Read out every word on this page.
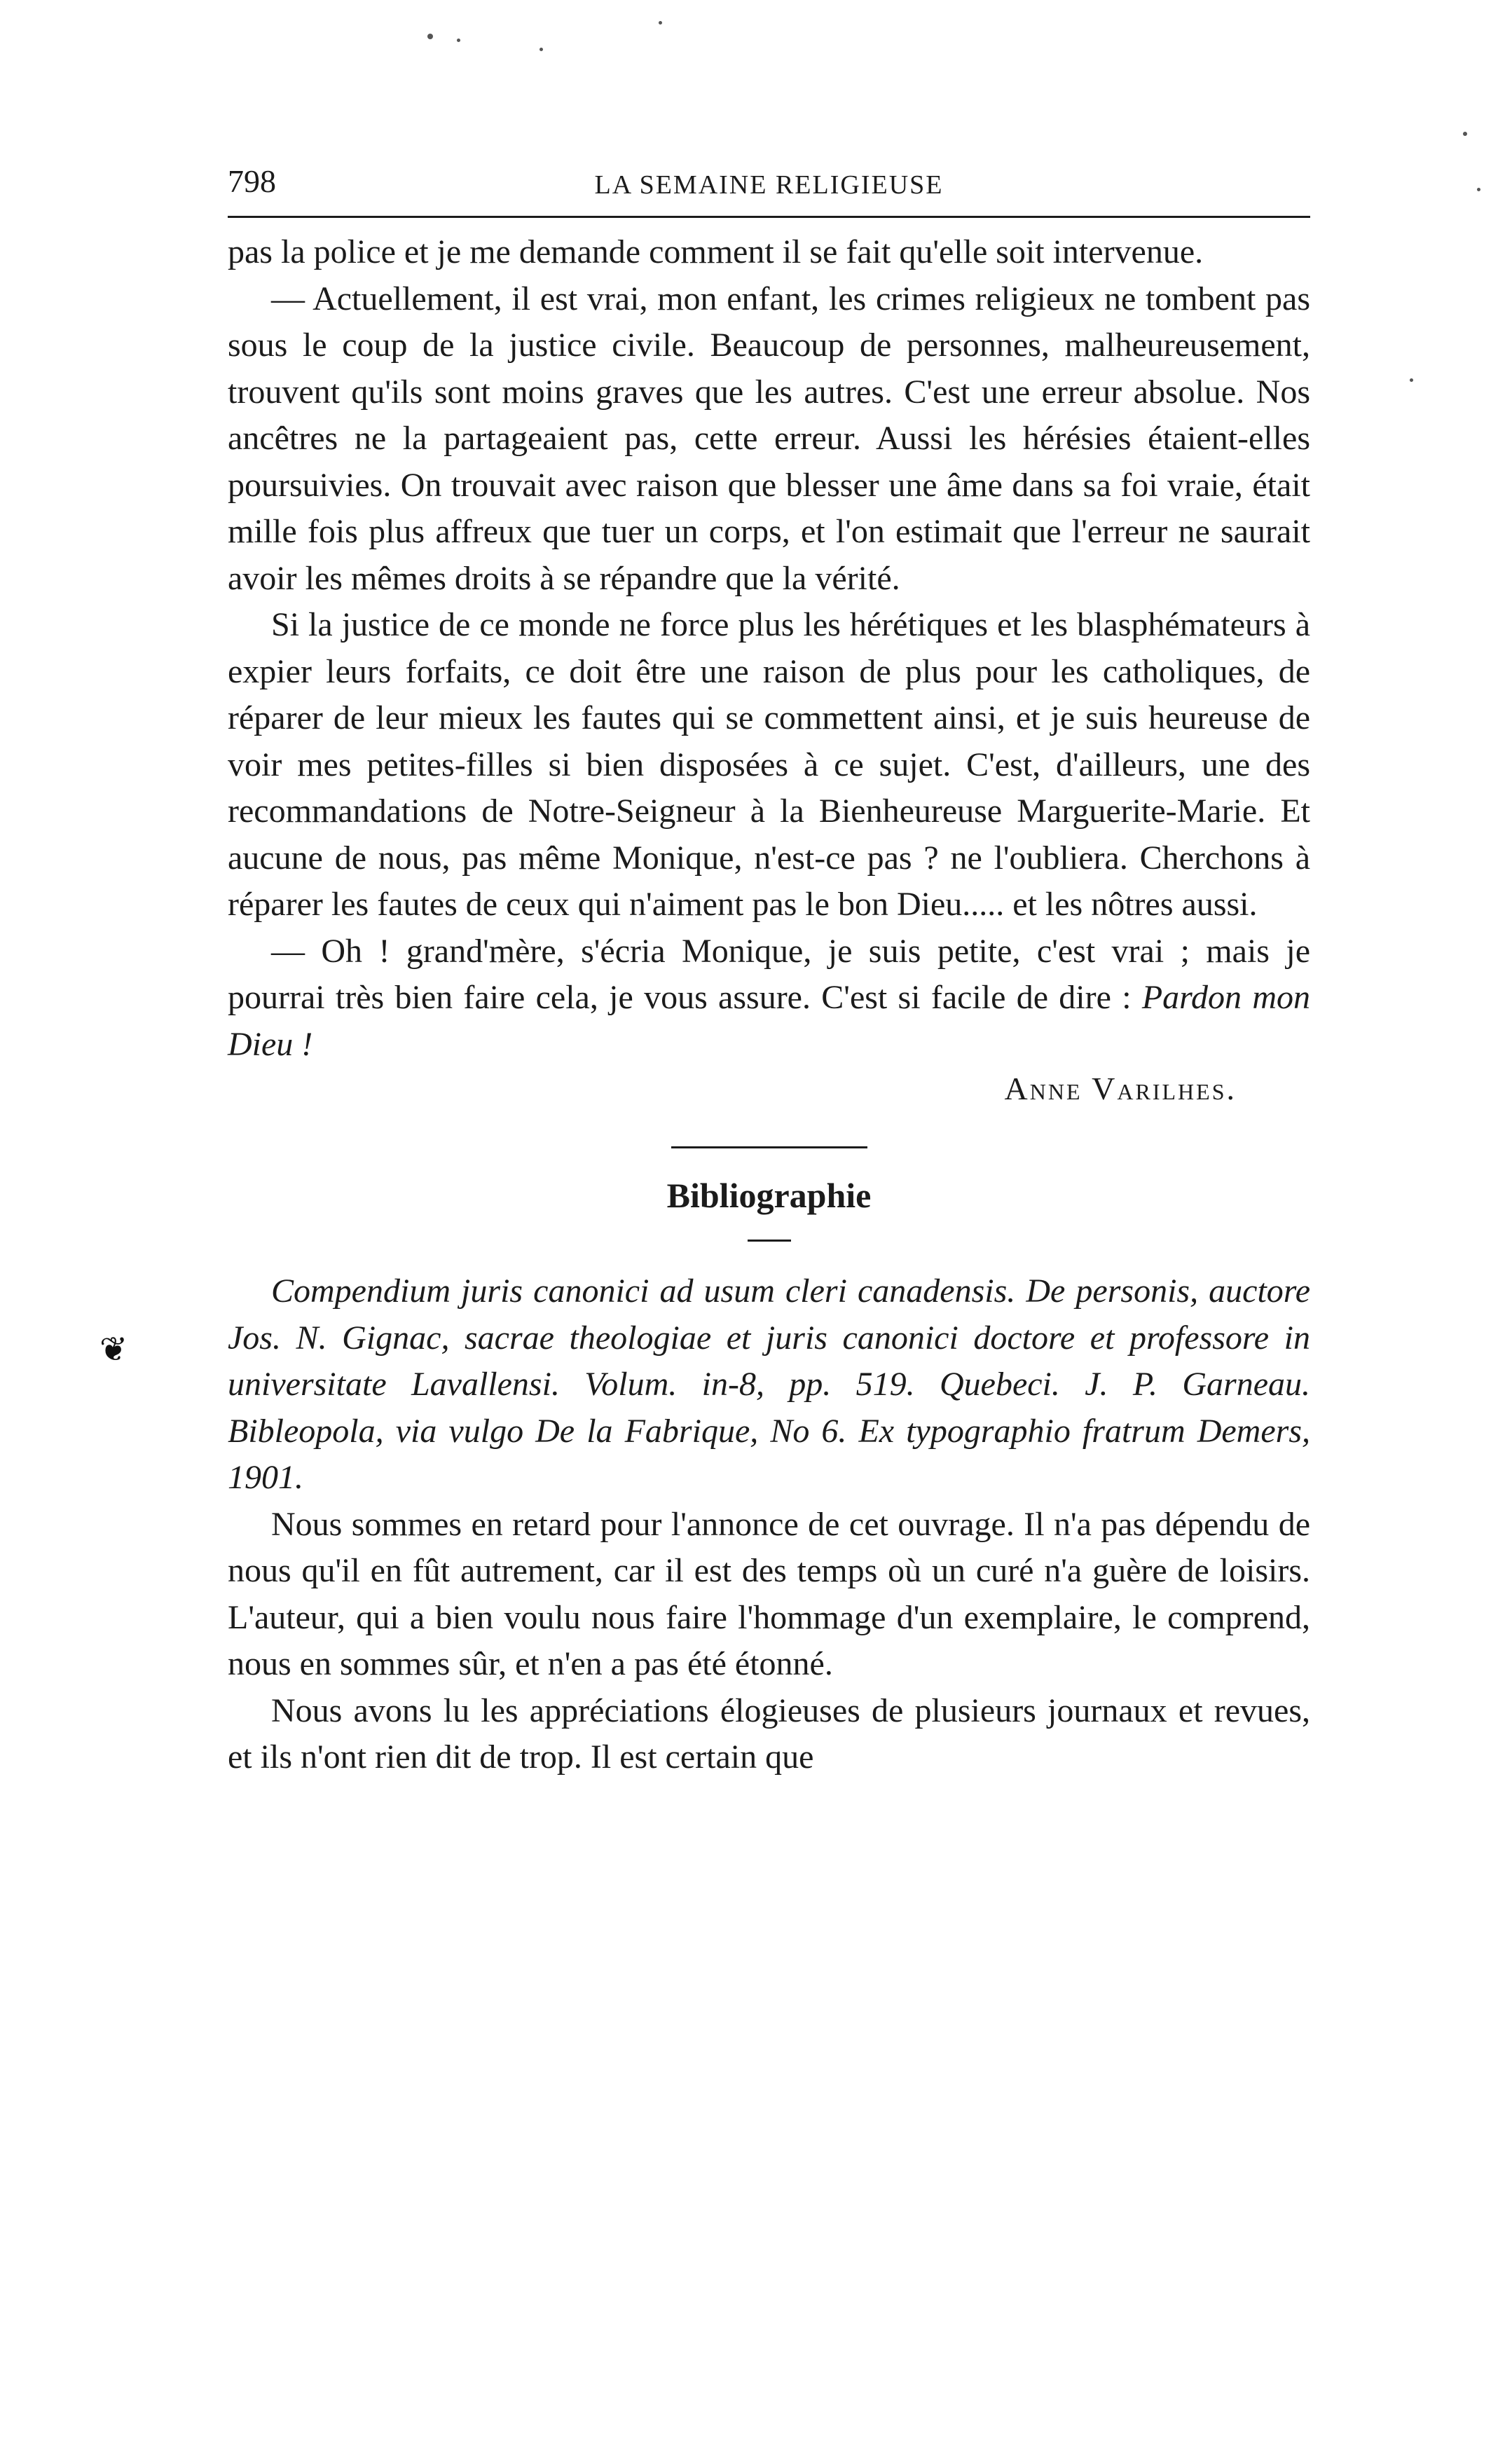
❦
798	LA SEMAINE RELIGIEUSE

pas la police et je me demande comment il se fait qu'elle soit intervenue.

— Actuellement, il est vrai, mon enfant, les crimes religieux ne tombent pas sous le coup de la justice civile. Beaucoup de personnes, malheureusement, trouvent qu'ils sont moins graves que les autres. C'est une erreur absolue. Nos ancêtres ne la partageaient pas, cette erreur. Aussi les hérésies étaient-elles poursuivies. On trouvait avec raison que blesser une âme dans sa foi vraie, était mille fois plus affreux que tuer un corps, et l'on estimait que l'erreur ne saurait avoir les mêmes droits à se répandre que la vérité.

Si la justice de ce monde ne force plus les hérétiques et les blasphémateurs à expier leurs forfaits, ce doit être une raison de plus pour les catholiques, de réparer de leur mieux les fautes qui se commettent ainsi, et je suis heureuse de voir mes petites-filles si bien disposées à ce sujet. C'est, d'ailleurs, une des recommandations de Notre-Seigneur à la Bienheureuse Marguerite-Marie. Et aucune de nous, pas même Monique, n'est-ce pas ? ne l'oubliera. Cherchons à réparer les fautes de ceux qui n'aiment pas le bon Dieu..... et les nôtres aussi.

— Oh ! grand'mère, s'écria Monique, je suis petite, c'est vrai ; mais je pourrai très bien faire cela, je vous assure. C'est si facile de dire : Pardon mon Dieu !

Anne Varilhes.

Bibliographie

Compendium juris canonici ad usum cleri canadensis. De personis, auctore Jos. N. Gignac, sacrae theologiae et juris canonici doctore et professore in universitate Lavallensi. Volum. in-8, pp. 519. Quebeci. J. P. Garneau. Bibleopola, via vulgo De la Fabrique, No 6. Ex typographio fratrum Demers, 1901.

Nous sommes en retard pour l'annonce de cet ouvrage. Il n'a pas dépendu de nous qu'il en fût autrement, car il est des temps où un curé n'a guère de loisirs. L'auteur, qui a bien voulu nous faire l'hommage d'un exemplaire, le comprend, nous en sommes sûr, et n'en a pas été étonné.

Nous avons lu les appréciations élogieuses de plusieurs journaux et revues, et ils n'ont rien dit de trop. Il est certain que
